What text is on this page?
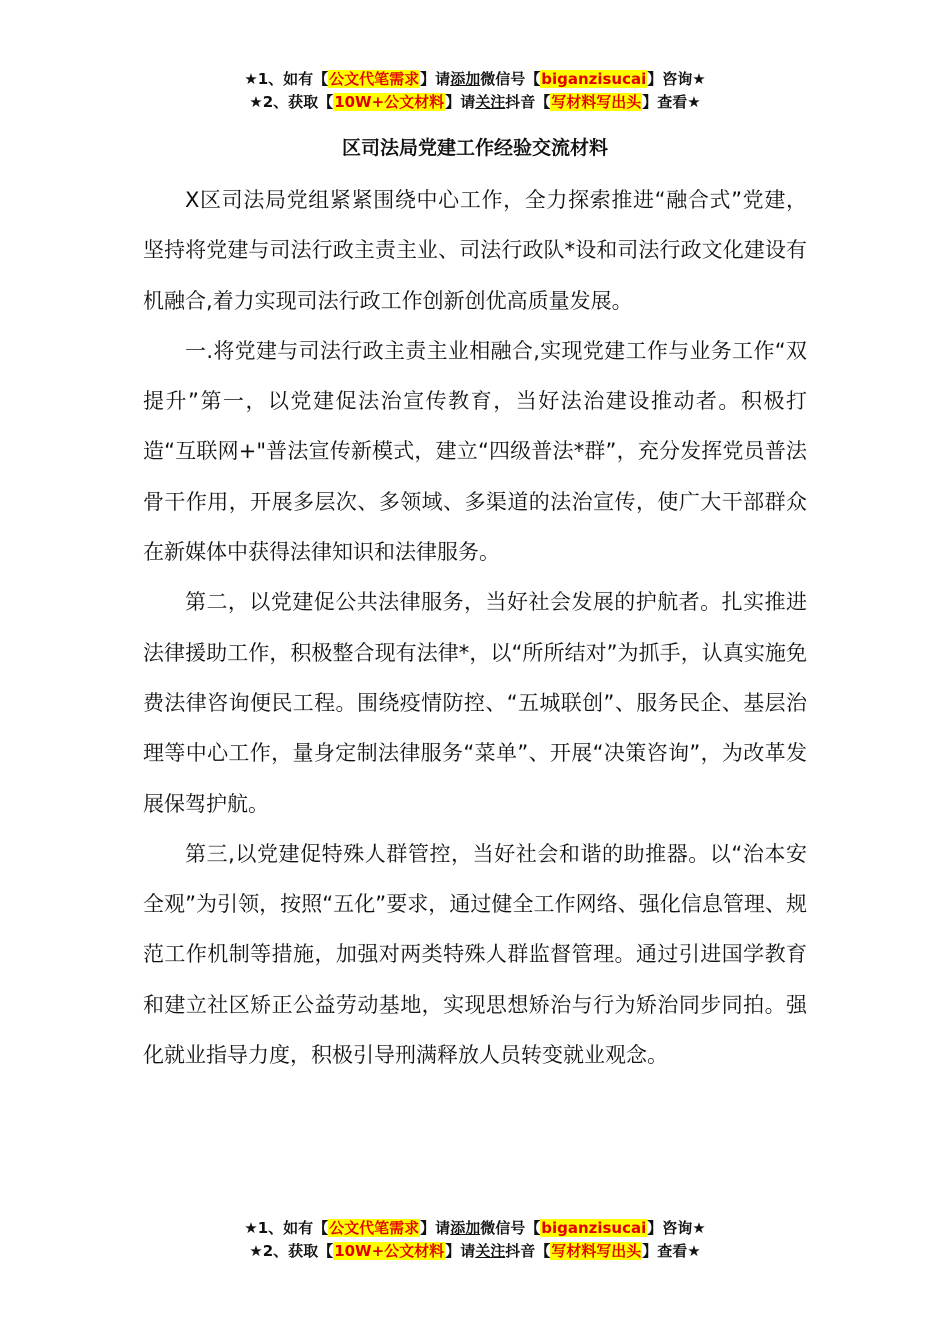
★1、如有【公文代笔需求】请添加微信号【biganzisucai】咨询★
★2、获取【10W+公文材料】请关注抖音【写材料写出头】查看★
区司法局党建工作经验交流材料

X区司法局党组紧紧围绕中心工作，全力探索推进“融合式”党建，坚持将党建与司法行政主责主业、司法行政队*设和司法行政文化建设有机融合,着力实现司法行政工作创新创优高质量发展。

一.将党建与司法行政主责主业相融合,实现党建工作与业务工作“双提升”第一，以党建促法治宣传教育，当好法治建设推动者。积极打造“互联网+"普法宣传新模式，建立“四级普法*群”，充分发挥党员普法骨干作用，开展多层次、多领域、多渠道的法治宣传，使广大干部群众在新媒体中获得法律知识和法律服务。

第二，以党建促公共法律服务，当好社会发展的护航者。扎实推进法律援助工作，积极整合现有法律*，以“所所结对”为抓手，认真实施免费法律咨询便民工程。围绕疫情防控、“五城联创”、服务民企、基层治理等中心工作，量身定制法律服务“菜单”、开展“决策咨询”，为改革发展保驾护航。

第三,以党建促特殊人群管控，当好社会和谐的助推器。以“治本安全观”为引领，按照“五化”要求，通过健全工作网络、强化信息管理、规范工作机制等措施，加强对两类特殊人群监督管理。通过引进国学教育和建立社区矫正公益劳动基地，实现思想矫治与行为矫治同步同拍。强化就业指导力度，积极引导刑满释放人员转变就业观念。

★1、如有【公文代笔需求】请添加微信号【biganzisucai】咨询★
★2、获取【10W+公文材料】请关注抖音【写材料写出头】查看★
